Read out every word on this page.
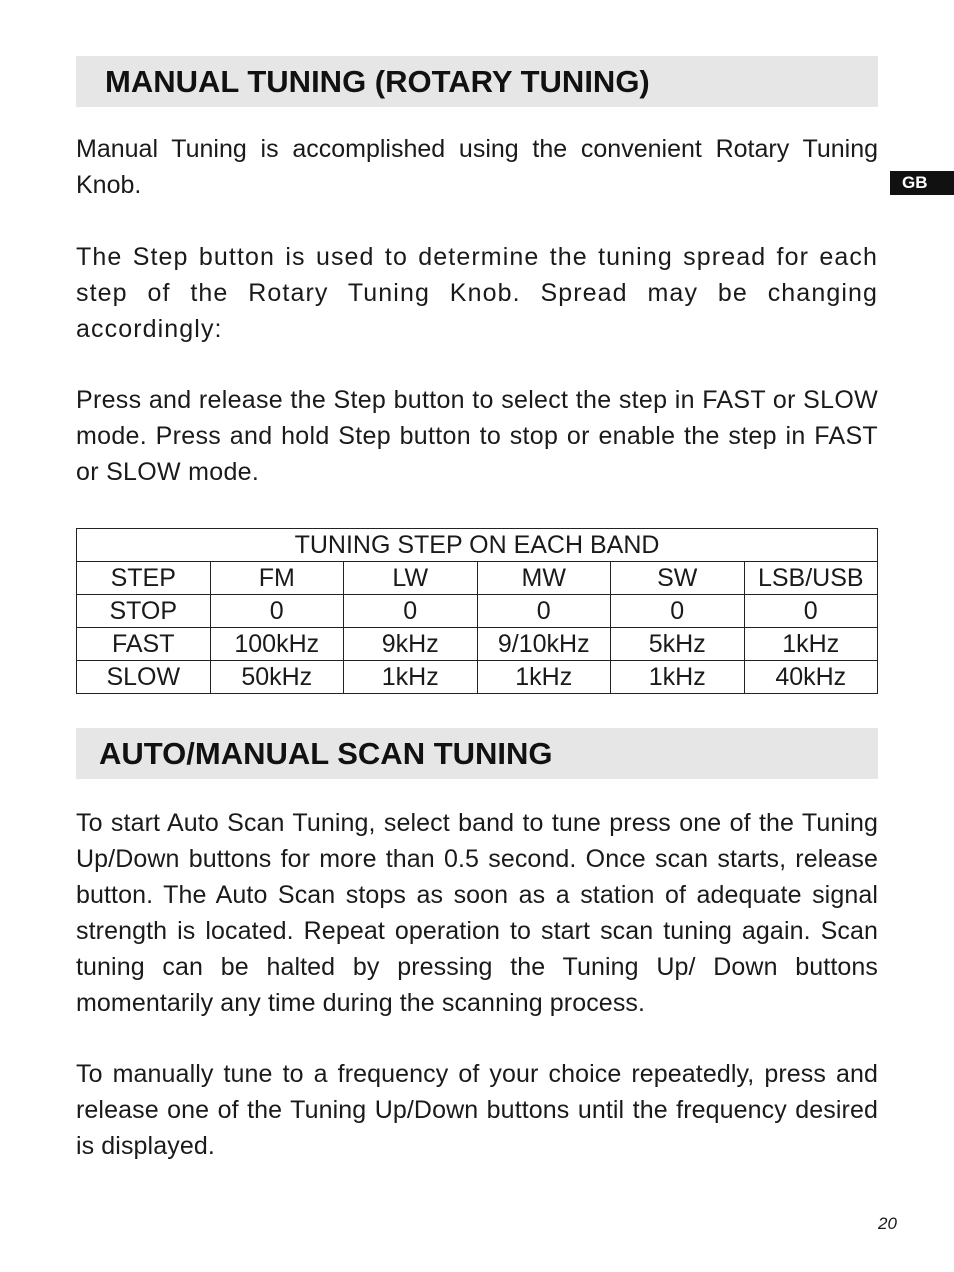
MANUAL TUNING (ROTARY TUNING)
GB

Manual Tuning is accomplished using the convenient Rotary Tuning Knob.

The Step button is used to determine the tuning spread for each step of the Rotary Tuning Knob. Spread may be changing accordingly:

Press and release the Step button to select the step in FAST or SLOW mode. Press and hold Step button to stop or enable the step in FAST or SLOW mode.

TUNING STEP ON EACH BAND					
STEP	FM	LW	MW	SW	LSB/USB
STOP	0	0	0	0	0
FAST	100kHz	9kHz	9/10kHz	5kHz	1kHz
SLOW	50kHz	1kHz	1kHz	1kHz	40kHz
AUTO/MANUAL SCAN TUNING

To start Auto Scan Tuning, select band to tune press one of the Tuning Up/Down buttons for more than 0.5 second. Once scan starts, release button. The Auto Scan stops as soon as a station of adequate signal strength is located. Repeat operation to start scan tuning again. Scan tuning can be halted by pressing the Tuning Up/ Down buttons momentarily any time during the scanning process.

To manually tune to a frequency of your choice repeatedly, press and release one of the Tuning Up/Down buttons until the frequency desired is displayed.

20
